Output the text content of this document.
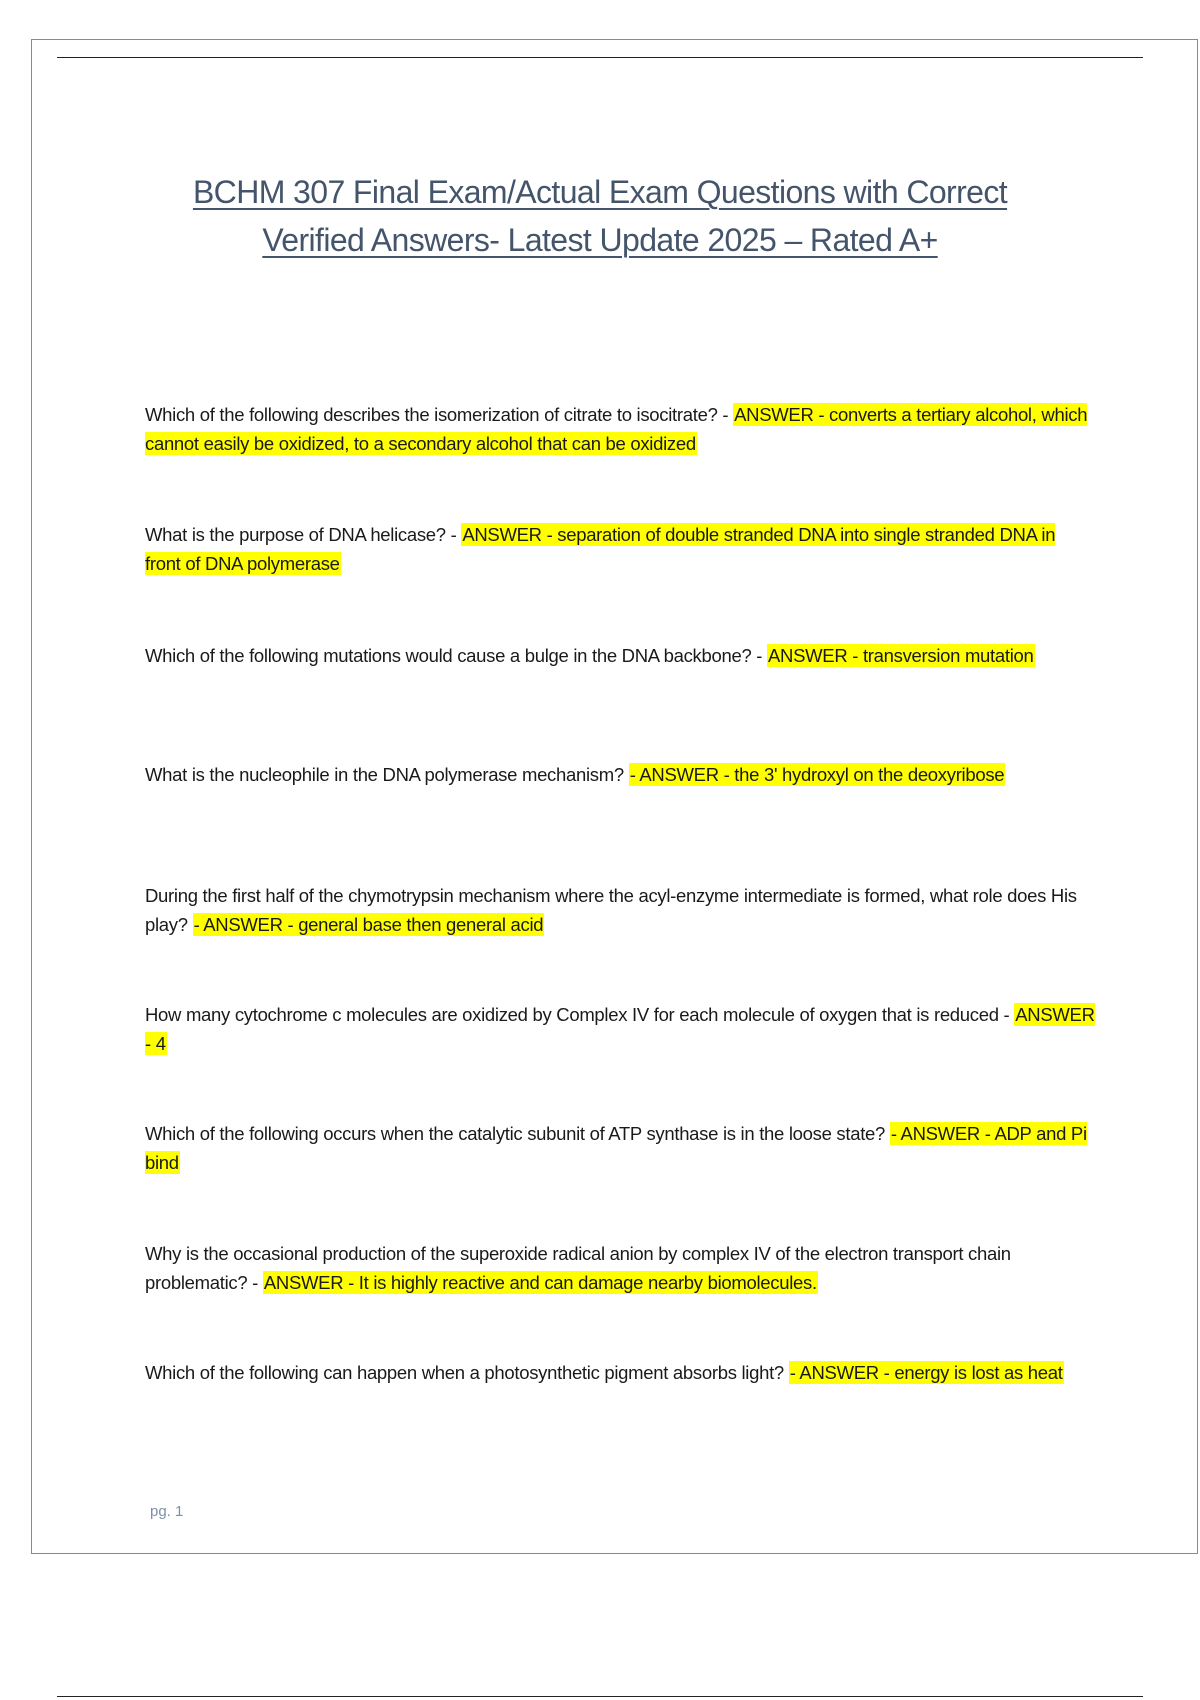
BCHM 307 Final Exam/Actual Exam Questions with Correct
Verified Answers- Latest Update 2025 – Rated A+
Which of the following describes the isomerization of citrate to isocitrate? - ANSWER - converts a tertiary alcohol, which cannot easily be oxidized, to a secondary alcohol that can be oxidized
What is the purpose of DNA helicase? - ANSWER - separation of double stranded DNA into single stranded DNA in front of DNA polymerase
Which of the following mutations would cause a bulge in the DNA backbone? - ANSWER - transversion mutation
What is the nucleophile in the DNA polymerase mechanism? - ANSWER - the 3' hydroxyl on the deoxyribose
During the first half of the chymotrypsin mechanism where the acyl-enzyme intermediate is formed, what role does His play? - ANSWER - general base then general acid
How many cytochrome c molecules are oxidized by Complex IV for each molecule of oxygen that is reduced - ANSWER - 4
Which of the following occurs when the catalytic subunit of ATP synthase is in the loose state? - ANSWER - ADP and Pi bind
Why is the occasional production of the superoxide radical anion by complex IV of the electron transport chain problematic? - ANSWER - It is highly reactive and can damage nearby biomolecules.
Which of the following can happen when a photosynthetic pigment absorbs light? - ANSWER - energy is lost as heat
pg. 1
